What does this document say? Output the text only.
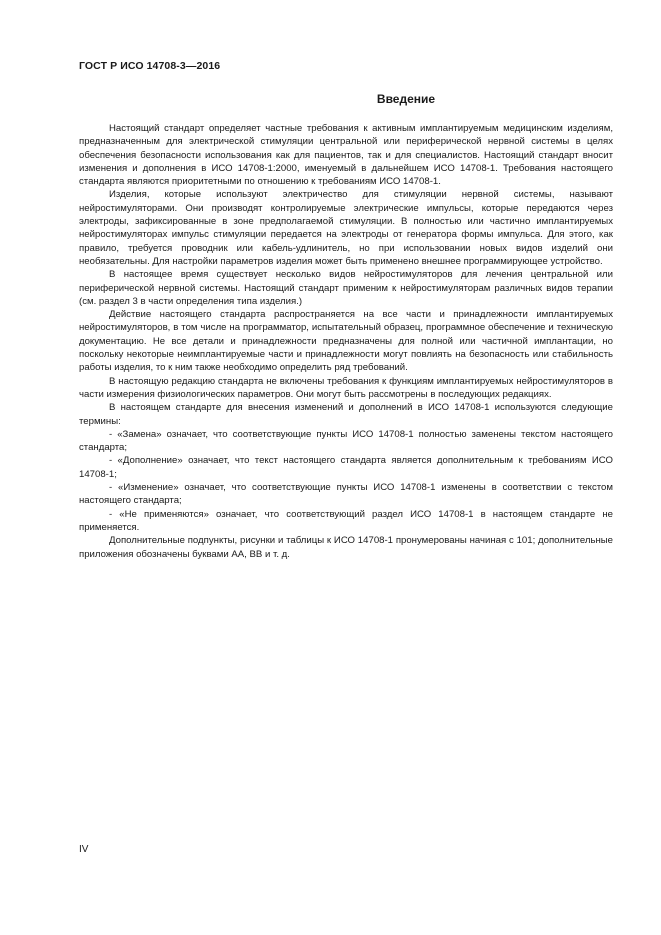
ГОСТ Р ИСО 14708-3—2016
Введение

Настоящий стандарт определяет частные требования к активным имплантируемым медицинским изделиям, предназначенным для электрической стимуляции центральной или периферической нервной системы в целях обеспечения безопасности использования как для пациентов, так и для специалистов. Настоящий стандарт вносит изменения и дополнения в ИСО 14708-1:2000, именуемый в дальнейшем ИСО 14708-1. Требования настоящего стандарта являются приоритетными по отношению к требованиям ИСО 14708-1.

Изделия, которые используют электричество для стимуляции нервной системы, называют нейростимуляторами. Они производят контролируемые электрические импульсы, которые передаются через электроды, зафиксированные в зоне предполагаемой стимуляции. В полностью или частично имплантируемых нейростимуляторах импульс стимуляции передается на электроды от генератора формы импульса. Для этого, как правило, требуется проводник или кабель-удлинитель, но при использовании новых видов изделий они необязательны. Для настройки параметров изделия может быть применено внешнее программирующее устройство.

В настоящее время существует несколько видов нейростимуляторов для лечения центральной или периферической нервной системы. Настоящий стандарт применим к нейростимуляторам различных видов терапии (см. раздел 3 в части определения типа изделия.)

Действие настоящего стандарта распространяется на все части и принадлежности имплантируемых нейростимуляторов, в том числе на программатор, испытательный образец, программное обеспечение и техническую документацию. Не все детали и принадлежности предназначены для полной или частичной имплантации, но поскольку некоторые неимплантируемые части и принадлежности могут повлиять на безопасность или стабильность работы изделия, то к ним также необходимо определить ряд требований.

В настоящую редакцию стандарта не включены требования к функциям имплантируемых нейростимуляторов в части измерения физиологических параметров. Они могут быть рассмотрены в последующих редакциях.

В настоящем стандарте для внесения изменений и дополнений в ИСО 14708-1 используются следующие термины:

- «Замена» означает, что соответствующие пункты ИСО 14708-1 полностью заменены текстом настоящего стандарта;

- «Дополнение» означает, что текст настоящего стандарта является дополнительным к требованиям ИСО 14708-1;

- «Изменение» означает, что соответствующие пункты ИСО 14708-1 изменены в соответствии с текстом настоящего стандарта;

- «Не применяются» означает, что соответствующий раздел ИСО 14708-1 в настоящем стандарте не применяется.

Дополнительные подпункты, рисунки и таблицы к ИСО 14708-1 пронумерованы начиная с 101; дополнительные приложения обозначены буквами АА, ВВ и т. д.

IV
